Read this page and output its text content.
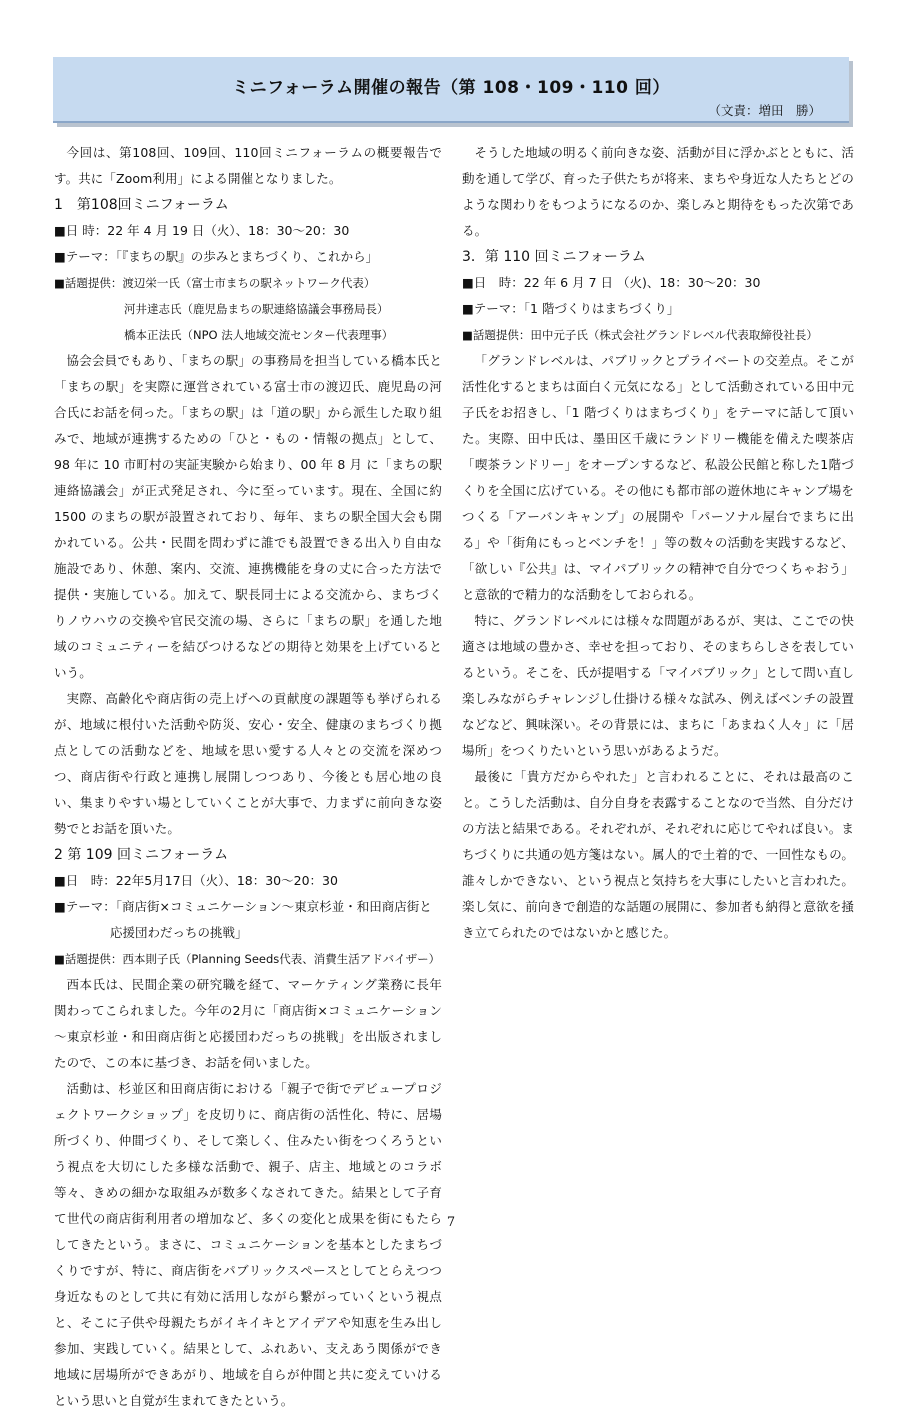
ミニフォーラム開催の報告（第 108・109・110 回）
（文責：増田　勝）

今回は、第108回、109回、110回ミニフォーラムの概要報告です。共に「Zoom利用」による開催となりました。

1　第108回ミニフォーラム
■日 時：22 年 4 月 19 日（火）、18：30～20：30
■テーマ：「『まちの駅』の歩みとまちづくり、これから」
■話題提供：渡辺栄一氏（富士市まちの駅ネットワーク代表）
河井達志氏（鹿児島まちの駅連絡協議会事務局長）
橋本正法氏（NPO 法人地域交流センター代表理事）

協会会員でもあり、「まちの駅」の事務局を担当している橋本氏と「まちの駅」を実際に運営されている富士市の渡辺氏、鹿児島の河合氏にお話を伺った。「まちの駅」は「道の駅」から派生した取り組みで、地域が連携するための「ひと・もの・情報の拠点」として、98 年に 10 市町村の実証実験から始まり、00 年 8 月 に「まちの駅連絡協議会」が正式発足され、今に至っています。現在、全国に約 1500 のまちの駅が設置されており、毎年、まちの駅全国大会も開かれている。公共・民間を問わずに誰でも設置できる出入り自由な施設であり、休憩、案内、交流、連携機能を身の丈に合った方法で提供・実施している。加えて、駅長同士による交流から、まちづくりノウハウの交換や官民交流の場、さらに「まちの駅」を通した地域のコミュニティーを結びつけるなどの期待と効果を上げているという。

実際、高齢化や商店街の売上げへの貢献度の課題等も挙げられるが、地域に根付いた活動や防災、安心・安全、健康のまちづくり拠点としての活動などを、地域を思い愛する人々との交流を深めつつ、商店街や行政と連携し展開しつつあり、今後とも居心地の良い、集まりやすい場としていくことが大事で、力まずに前向きな姿勢でとお話を頂いた。

2 第 109 回ミニフォーラム
■日　時：22年5月17日（火）、18：30～20：30
■テーマ：「商店街×コミュニケーション～東京杉並・和田商店街と
応援団わだっちの挑戦」
■話題提供：西本則子氏（Planning Seeds代表、消費生活アドバイザー）

西本氏は、民間企業の研究職を経て、マーケティング業務に長年関わってこられました。今年の2月に「商店街×コミュニケーション～東京杉並・和田商店街と応援団わだっちの挑戦」を出版されましたので、この本に基づき、お話を伺いました。

活動は、杉並区和田商店街における「親子で街でデビュープロジェクトワークショップ」を皮切りに、商店街の活性化、特に、居場所づくり、仲間づくり、そして楽しく、住みたい街をつくろうという視点を大切にした多様な活動で、親子、店主、地域とのコラボ等々、きめの細かな取組みが数多くなされてきた。結果として子育て世代の商店街利用者の増加など、多くの変化と成果を街にもたらしてきたという。まさに、コミュニケーションを基本としたまちづくりですが、特に、商店街をパブリックスペースとしてとらえつつ身近なものとして共に有効に活用しながら繋がっていくという視点と、そこに子供や母親たちがイキイキとアイデアや知恵を生み出し参加、実践していく。結果として、ふれあい、支えあう関係ができ地域に居場所ができあがり、地域を自らが仲間と共に変えていけるという思いと自覚が生まれてきたという。

そうした地域の明るく前向きな姿、活動が目に浮かぶとともに、活動を通して学び、育った子供たちが将来、まちや身近な人たちとどのような関わりをもつようになるのか、楽しみと期待をもった次第である。

3．第 110 回ミニフォーラム
■日　時：22 年 6 月 7 日 （火)、18：30～20：30
■テーマ：「1 階づくりはまちづくり」
■話題提供：田中元子氏（株式会社グランドレベル代表取締役社長）

「グランドレベルは、パブリックとプライベートの交差点。そこが活性化するとまちは面白く元気になる」として活動されている田中元子氏をお招きし、「1 階づくりはまちづくり」をテーマに話して頂いた。実際、田中氏は、墨田区千歳にランドリー機能を備えた喫茶店「喫茶ランドリー」をオープンするなど、私設公民館と称した1階づくりを全国に広げている。その他にも都市部の遊休地にキャンプ場をつくる「アーバンキャンプ」の展開や「パーソナル屋台でまちに出る」や「街角にもっとベンチを！」等の数々の活動を実践するなど、「欲しい『公共』は、マイパブリックの精神で自分でつくちゃおう」と意欲的で精力的な活動をしておられる。

特に、グランドレベルには様々な問題があるが、実は、ここでの快適さは地域の豊かさ、幸せを担っており、そのまちらしさを表しているという。そこを、氏が提唱する「マイパブリック」として問い直し楽しみながらチャレンジし仕掛ける様々な試み、例えばベンチの設置などなど、興味深い。その背景には、まちに「あまねく人々」に「居場所」をつくりたいという思いがあるようだ。

最後に「貴方だからやれた」と言われることに、それは最高のこと。こうした活動は、自分自身を表露することなので当然、自分だけの方法と結果である。それぞれが、それぞれに応じてやれば良い。まちづくりに共通の処方箋はない。属人的で土着的で、一回性なもの。誰々しかできない、という視点と気持ちを大事にしたいと言われた。楽し気に、前向きで創造的な話題の展開に、参加者も納得と意欲を掻き立てられたのではないかと感じた。

7
